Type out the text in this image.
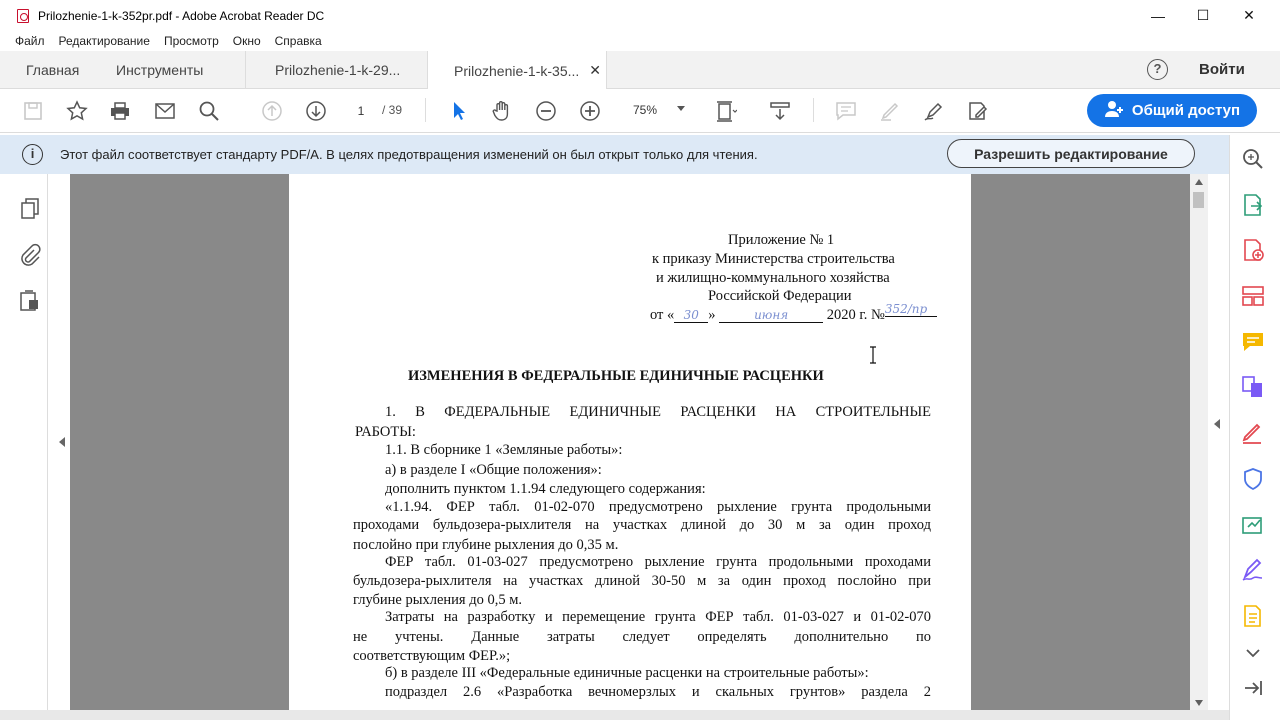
Prilozhenie-1-k-352pr.pdf - Adobe Acrobat Reader DC	—	☐	✕
Файл Редактирование Просмотр Окно Справка
Главная	Инструменты	Prilozhenie-1-k-29...	Prilozhenie-1-k-35... ✕	?	Войти
1	/ 39	75%	Общий доступ
i	Этот файл соответствует стандарту PDF/A. В целях предотвращения изменений он был открыт только для чтения.	Разрешить редактирование
Приложение № 1
к приказу Министерства строительства
и жилищно-коммунального хозяйства
Российской Федерации
от « 30 »	июня	2020 г. №352/пр
ИЗМЕНЕНИЯ В ФЕДЕРАЛЬНЫЕ ЕДИНИЧНЫЕ РАСЦЕНКИ
1. В ФЕДЕРАЛЬНЫЕ ЕДИНИЧНЫЕ РАСЦЕНКИ НА СТРОИТЕЛЬНЫЕ
РАБОТЫ:
1.1. В сборнике 1 «Земляные работы»:
а) в разделе I «Общие положения»:
дополнить пунктом 1.1.94 следующего содержания:
«1.1.94. ФЕР табл. 01-02-070 предусмотрено рыхление грунта продольными
проходами бульдозера-рыхлителя на участках длиной до 30 м за один проход
послойно при глубине рыхления до 0,35 м.
ФЕР табл. 01-03-027 предусмотрено рыхление грунта продольными проходами
бульдозера-рыхлителя на участках длиной 30-50 м за один проход послойно при
глубине рыхления до 0,5 м.
Затраты на разработку и перемещение грунта ФЕР табл. 01-03-027 и 01-02-070
не учтены. Данные затраты следует определять дополнительно по
соответствующим ФЕР.»;
б) в разделе III «Федеральные единичные расценки на строительные работы»:
подраздел 2.6 «Разработка вечномерзлых и скальных грунтов» раздела 2
